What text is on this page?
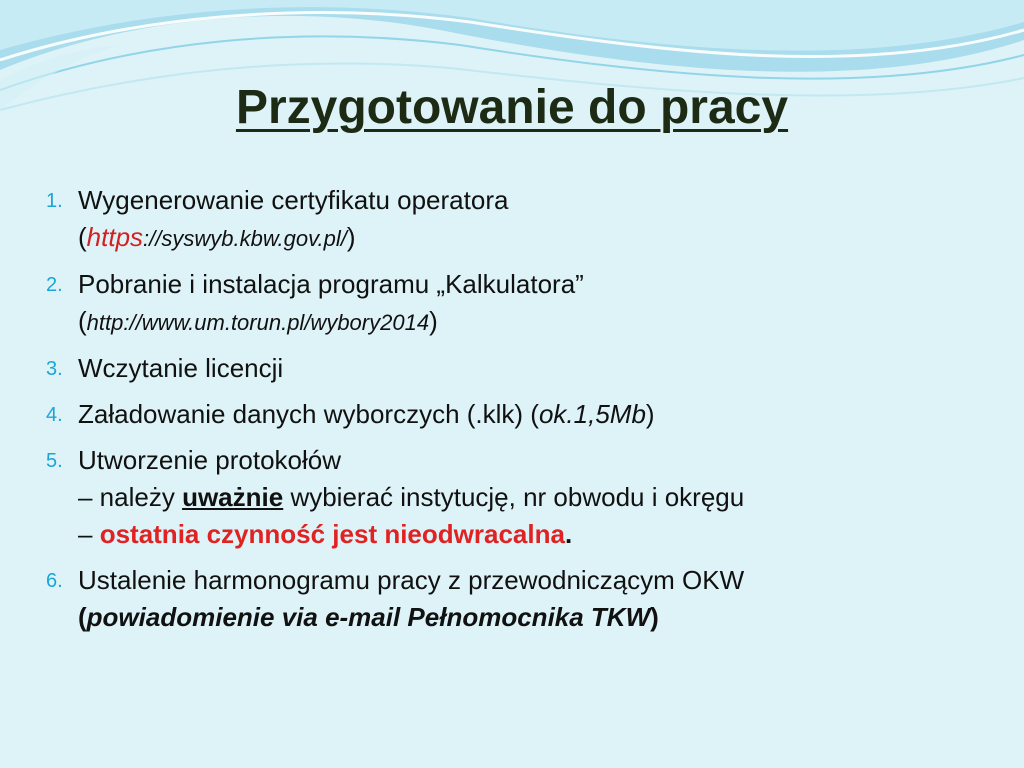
Przygotowanie do pracy
1. Wygenerowanie certyfikatu operatora
(https://syswyb.kbw.gov.pl/)
2. Pobranie i instalacja programu „Kalkulatora”
(http://www.um.torun.pl/wybory2014)
3. Wczytanie licencji
4. Załadowanie danych wyborczych (.klk) (ok.1,5Mb)
5. Utworzenie protokołów
– należy uważnie wybierać instytucję, nr obwodu i okręgu
– ostatnia czynność jest nieodwracalna.
6. Ustalenie harmonogramu pracy z przewodniczącym OKW
(powiadomienie via e-mail Pełnomocnika TKW)
